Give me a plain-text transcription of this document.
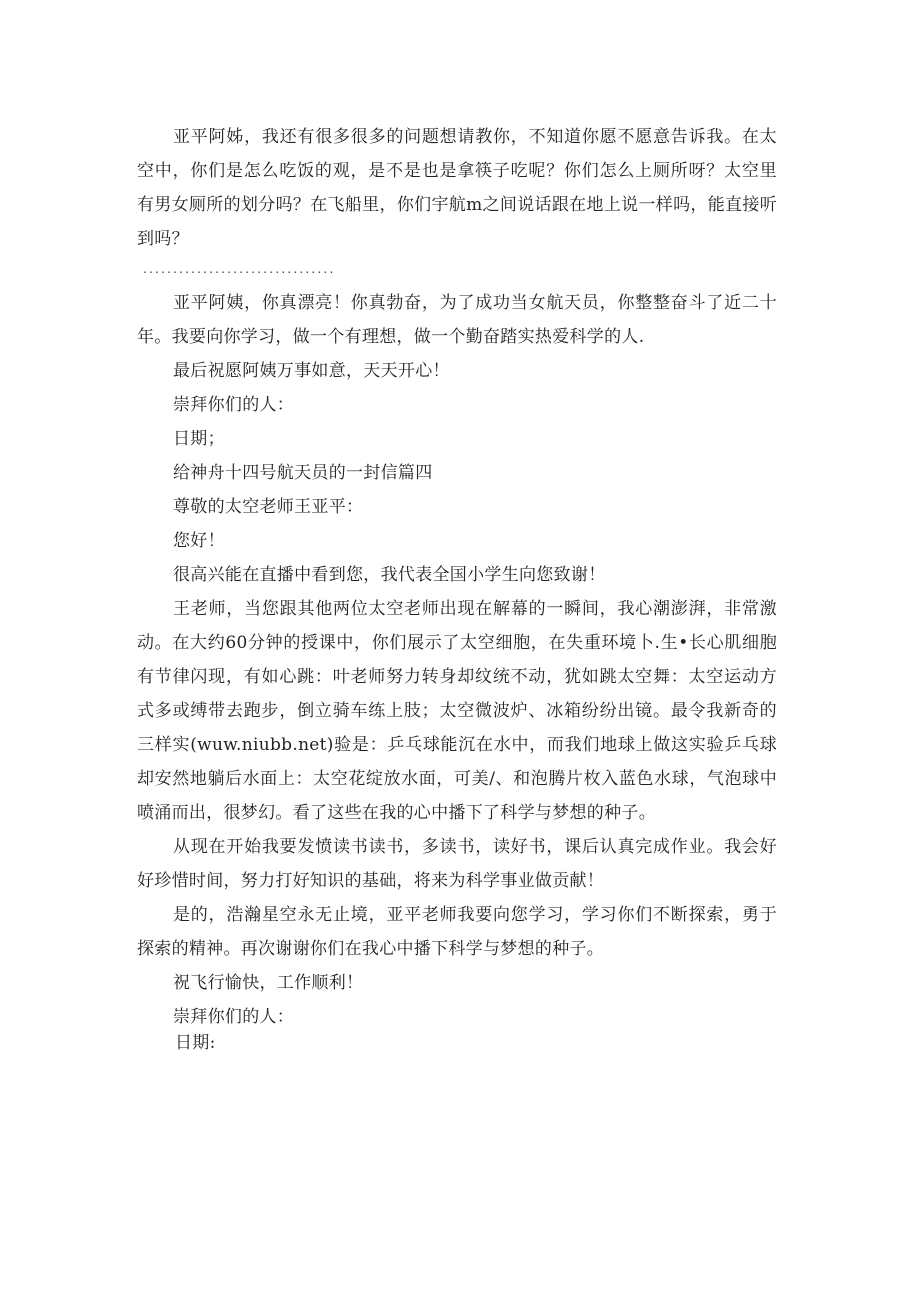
亚平阿姊，我还有很多很多的问题想请教你，不知道你愿不愿意告诉我。在太空中，你们是怎么吃饭的观，是不是也是拿筷子吃呢？你们怎么上厕所呀？太空里有男女厕所的划分吗？在飞船里，你们宇航m之间说话跟在地上说一样吗，能直接听到吗？

................................

亚平阿姨，你真漂亮！你真勃奋，为了成功当女航天员，你整整奋斗了近二十年。我要向你学习，做一个有理想，做一个勤奋踏实热爱科学的人.

最后祝愿阿姨万事如意，天天开心！

崇拜你们的人：

日期；

给神舟十四号航天员的一封信篇四

尊敬的太空老师王亚平：

您好！

很高兴能在直播中看到您，我代表全国小学生向您致谢！

王老师，当您跟其他两位太空老师出现在解幕的一瞬间，我心潮澎湃，非常激动。在大约60分钟的授课中，你们展示了太空细胞，在失重环境卜.生•长心肌细胞有节律闪现，有如心跳：叶老师努力转身却纹统不动，犹如跳太空舞：太空运动方式多或缚带去跑步，倒立骑车练上肢；太空微波炉、冰箱纷纷出镜。最令我新奇的三样实(wuw.niubb.net)验是：乒乓球能沉在水中，而我们地球上做这实验乒乓球却安然地躺后水面上：太空花绽放水面，可美/、和泡腾片枚入蓝色水球，气泡球中喷涌而出，很梦幻。看了这些在我的心中播下了科学与梦想的种子。

从现在开始我要发愤读书读书，多读书，读好书，课后认真完成作业。我会好好珍惜时间，努力打好知识的基础，将来为科学事业做贡献！

是的，浩瀚星空永无止境，亚平老师我要向您学习，学习你们不断探索，勇于探索的精神。再次谢谢你们在我心中播下科学与梦想的种子。

祝飞行愉快，工作顺利！

崇拜你们的人：

日期:
